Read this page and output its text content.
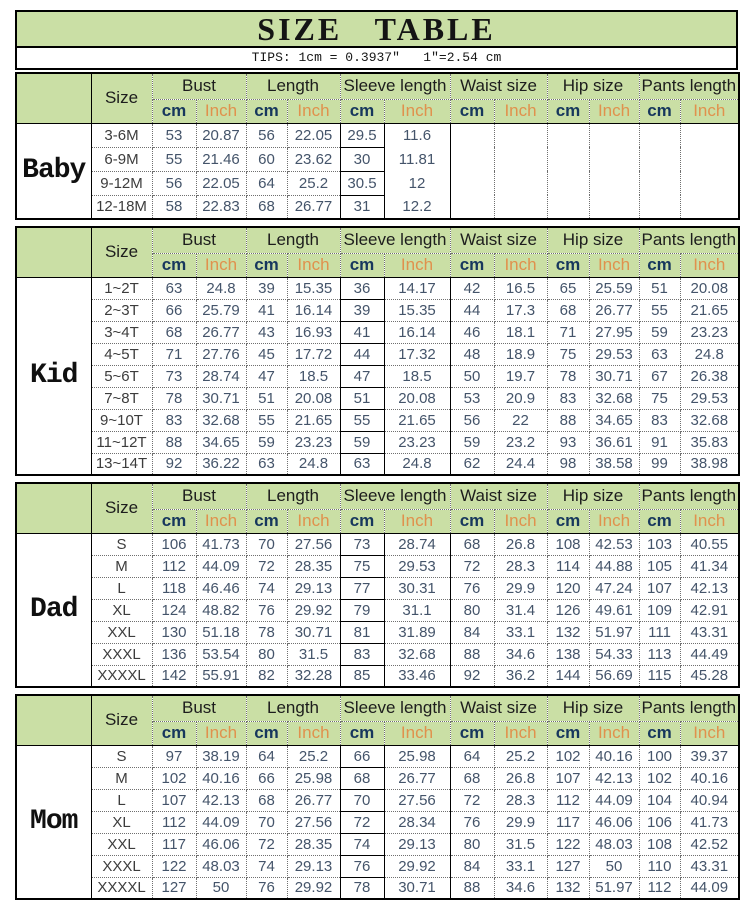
SIZE TABLE
TIPS: 1cm = 0.3937″   1″=2.54 cm
	Size	Bust		Length		Sleeve length		Waist size		Hip size		Pants length	
		cm	Inch	cm	Inch	cm	Inch	cm	Inch	cm	Inch	cm	Inch
Baby	3-6M	53	20.87	56	22.05	29.5	11.6						
	6-9M	55	21.46	60	23.62	30	11.81						
	9-12M	56	22.05	64	25.2	30.5	12						
	12-18M	58	22.83	68	26.77	31	12.2						
	Size	Bust		Length		Sleeve length		Waist size		Hip size		Pants length	
		cm	Inch	cm	Inch	cm	Inch	cm	Inch	cm	Inch	cm	Inch
Kid	1~2T	63	24.8	39	15.35	36	14.17	42	16.5	65	25.59	51	20.08
	2~3T	66	25.79	41	16.14	39	15.35	44	17.3	68	26.77	55	21.65
	3~4T	68	26.77	43	16.93	41	16.14	46	18.1	71	27.95	59	23.23
	4~5T	71	27.76	45	17.72	44	17.32	48	18.9	75	29.53	63	24.8
	5~6T	73	28.74	47	18.5	47	18.5	50	19.7	78	30.71	67	26.38
	7~8T	78	30.71	51	20.08	51	20.08	53	20.9	83	32.68	75	29.53
	9~10T	83	32.68	55	21.65	55	21.65	56	22	88	34.65	83	32.68
	11~12T	88	34.65	59	23.23	59	23.23	59	23.2	93	36.61	91	35.83
	13~14T	92	36.22	63	24.8	63	24.8	62	24.4	98	38.58	99	38.98
	Size	Bust		Length		Sleeve length		Waist size		Hip size		Pants length	
		cm	Inch	cm	Inch	cm	Inch	cm	Inch	cm	Inch	cm	Inch
Dad	S	106	41.73	70	27.56	73	28.74	68	26.8	108	42.53	103	40.55
	M	112	44.09	72	28.35	75	29.53	72	28.3	114	44.88	105	41.34
	L	118	46.46	74	29.13	77	30.31	76	29.9	120	47.24	107	42.13
	XL	124	48.82	76	29.92	79	31.1	80	31.4	126	49.61	109	42.91
	XXL	130	51.18	78	30.71	81	31.89	84	33.1	132	51.97	111	43.31
	XXXL	136	53.54	80	31.5	83	32.68	88	34.6	138	54.33	113	44.49
	XXXXL	142	55.91	82	32.28	85	33.46	92	36.2	144	56.69	115	45.28
	Size	Bust		Length		Sleeve length		Waist size		Hip size		Pants length	
		cm	Inch	cm	Inch	cm	Inch	cm	Inch	cm	Inch	cm	Inch
Mom	S	97	38.19	64	25.2	66	25.98	64	25.2	102	40.16	100	39.37
	M	102	40.16	66	25.98	68	26.77	68	26.8	107	42.13	102	40.16
	L	107	42.13	68	26.77	70	27.56	72	28.3	112	44.09	104	40.94
	XL	112	44.09	70	27.56	72	28.34	76	29.9	117	46.06	106	41.73
	XXL	117	46.06	72	28.35	74	29.13	80	31.5	122	48.03	108	42.52
	XXXL	122	48.03	74	29.13	76	29.92	84	33.1	127	50	110	43.31
	XXXXL	127	50	76	29.92	78	30.71	88	34.6	132	51.97	112	44.09
